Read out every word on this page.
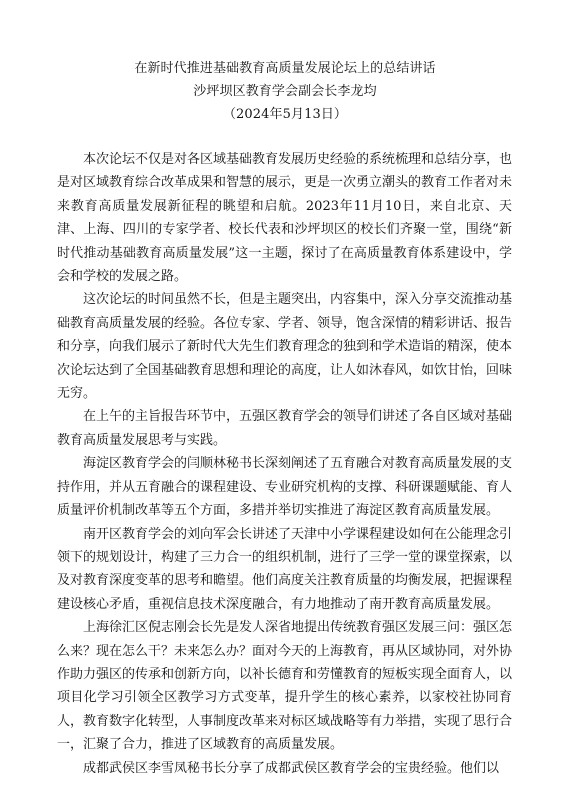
在新时代推进基础教育高质量发展论坛上的总结讲话
沙坪坝区教育学会副会长李龙均
（2024年5月13日）

本次论坛不仅是对各区域基础教育发展历史经验的系统梳理和总结分享，也是对区域教育综合改革成果和智慧的展示，更是一次勇立潮头的教育工作者对未来教育高质量发展新征程的眺望和启航。2023年11月10日，来自北京、天津、上海、四川的专家学者、校长代表和沙坪坝区的校长们齐聚一堂，围绕“新时代推动基础教育高质量发展”这一主题，探讨了在高质量教育体系建设中，学会和学校的发展之路。

这次论坛的时间虽然不长，但是主题突出，内容集中，深入分享交流推动基础教育高质量发展的经验。各位专家、学者、领导，饱含深情的精彩讲话、报告和分享，向我们展示了新时代大先生们教育理念的独到和学术造诣的精深，使本次论坛达到了全国基础教育思想和理论的高度，让人如沐春风，如饮甘怡，回味无穷。

在上午的主旨报告环节中，五强区教育学会的领导们讲述了各自区域对基础教育高质量发展思考与实践。

海淀区教育学会的闫顺林秘书长深刻阐述了五育融合对教育高质量发展的支持作用，并从五育融合的课程建设、专业研究机构的支撑、科研课题赋能、育人质量评价机制改革等五个方面，多措并举切实推进了海淀区教育高质量发展。

南开区教育学会的刘向军会长讲述了天津中小学课程建设如何在公能理念引领下的规划设计，构建了三力合一的组织机制，进行了三学一堂的课堂探索，以及对教育深度变革的思考和瞻望。他们高度关注教育质量的均衡发展，把握课程建设核心矛盾，重视信息技术深度融合，有力地推动了南开教育高质量发展。

上海徐汇区倪志刚会长先是发人深省地提出传统教育强区发展三问：强区怎么来？现在怎么干？未来怎么办？面对今天的上海教育，再从区域协同，对外协作助力强区的传承和创新方向，以补长德育和劳懂教育的短板实现全面育人，以项目化学习引领全区教学习方式变革，提升学生的核心素养，以家校社协同育人，教育数字化转型，人事制度改革来对标区域战略等有力举措，实现了思行合一，汇聚了合力，推进了区域教育的高质量发展。

成都武侯区李雪凤秘书长分享了成都武侯区教育学会的宝贵经验。他们以
